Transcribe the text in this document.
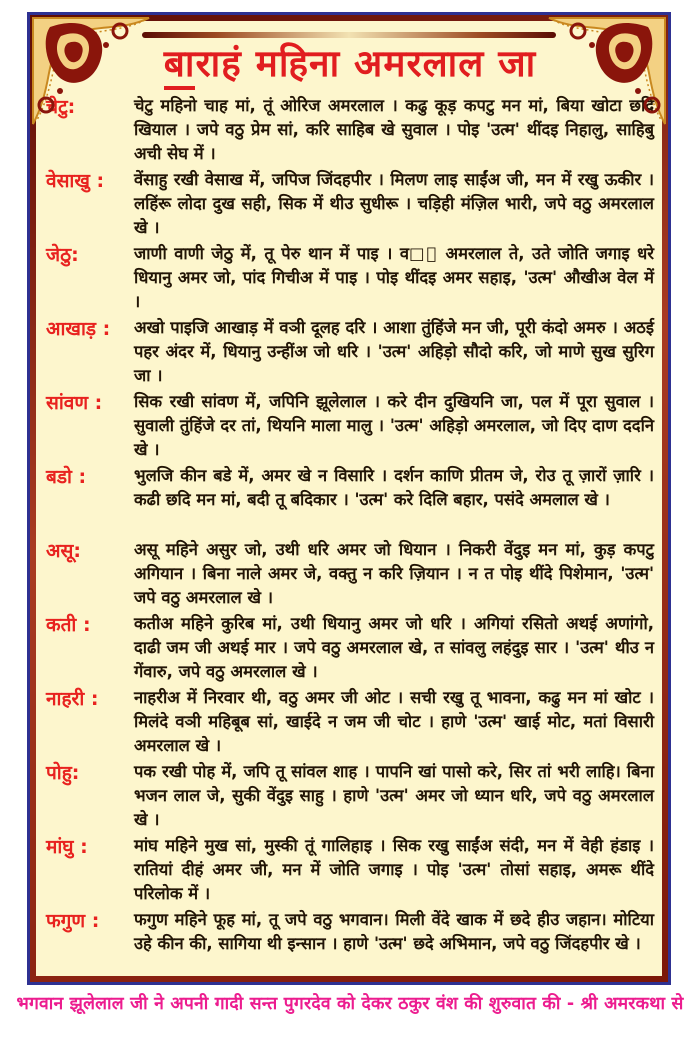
बाराहं महिना अमरलाल जा
चेटु:	चेटु महिनो चाह मां, तूं ओरिज अमरलाल । कढु कूड़ कपटु मन मां, बिया खोटा छदि खियाल । जपे वठु प्रेम सां, करि साहिब खे सुवाल । पोइ 'उत्म' थींदइ निहालु, साहिबु अची सेघ में ।
वेसाखु :	वेंसाहु रखी वेसाख में, जपिज जिंदहपीर । मिलण लाइ साईंअ जी, मन में रखु ऊकीर । लहिंरू लोदा दुख सही, सिक में थीउ सुधीरू । चड़िही मंज़िल भारी, जपे वठु अमरलाल खे ।
जेठु:	जाणी वाणी जेठु में, तू पेरु थान में पाइ । व□ी अमरलाल ते, उते जोति जगाइ धरे धियानु अमर जो, पांद गिचीअ में पाइ । पोइ थींदइ अमर सहाइ, 'उत्म' औखीअ वेल में ।
आखाड़ :	अखो पाइजि आखाड़ में वञी दूलह दरि । आशा तुंहिंजे मन जी, पूरी कंदो अमरु । अठई पहर अंदर में, धियानु उन्हींअ जो धरि । 'उत्म' अहिड़ो सौदो करि, जो माणे सुख सुरिग जा ।
सांवण :	सिक रखी सांवण में, जपिनि झूलेलाल । करे दीन दुखियनि जा, पल में पूरा सुवाल । सुवाली तुंहिंजे दर तां, थियनि माला मालु । 'उत्म' अहिड़ो अमरलाल, जो दिए दाण ददनि खे ।
बडो :	भुलजि कीन बडे में, अमर खे न विसारि । दर्शन काणि प्रीतम जे, रोउ तू ज़ारों ज़ारि । कढी छदि मन मां, बदी तू बदिकार । 'उत्म' करे दिलि बहार, पसंदे अमलाल खे ।
असू:	असू महिने असुर जो, उथी धरि अमर जो धियान । निकरी वेंदुइ मन मां, कुड़ कपटु अगियान । बिना नाले अमर जे, वक्तु न करि ज़ियान । न त पोइ थींदे पिशेमान, 'उत्म' जपे वठु अमरलाल खे ।
कती :	कतीअ महिने कुरिब मां, उथी धियानु अमर जो धरि । अगियां रसितो अथई अणांगो, दाढी जम जी अथई मार । जपे वठु अमरलाल खे, त सांवलु लहंदुइ सार । 'उत्म' थीउ न गेंवारु, जपे वठु अमरलाल खे ।
नाहरी :	नाहरीअ में निरवार थी, वठु अमर जी ओट । सची रखु तू भावना, कढु मन मां खोट । मिलंदे वञी महिबूब सां, खाईदे न जम जी चोट । हाणे 'उत्म' खाई मोट, मतां विसारी अमरलाल खे ।
पोहु:	पक रखी पोह में, जपि तू सांवल शाह । पापनि खां पासो करे, सिर तां भरी लाहि। बिना भजन लाल जे, सुकी वेंदुइ साहु । हाणे 'उत्म' अमर जो ध्यान धरि, जपे वठु अमरलाल खे ।
मांघु :	मांघ महिने मुख सां, मुस्की तूं गालिहाइ । सिक रखु साईंअ संदी, मन में वेही हंडाइ । रातियां दीहं अमर जी, मन में जोति जगाइ । पोइ 'उत्म' तोसां सहाइ, अमरू थींदे परिलोक में ।
फगुण :	फगुण महिने फूह मां, तू जपे वठु भगवान। मिली वेंदे खाक में छदे हीउ जहान। मोटिया उहे कीन की, सागिया थी इन्सान । हाणे 'उत्म' छदे अभिमान, जपे वठु जिंदहपीर खे ।
भगवान झूलेलाल जी ने अपनी गादी सन्त पुगरदेव को देकर ठकुर वंश की शुरुवात की - श्री अमरकथा से
